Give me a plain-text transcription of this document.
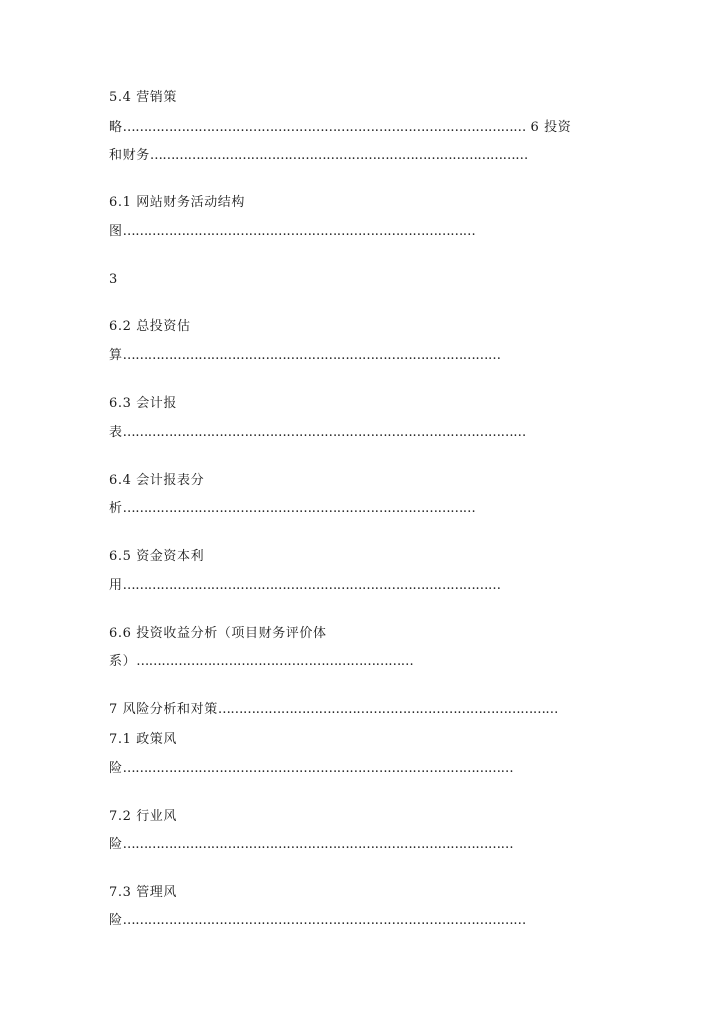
5.4 营销策

略…………………………………………………………………………………… 6 投资

和财务………………………………………………………………………………

6.1 网站财务活动结构

图…………………………………………………………………………

3

6.2 总投资估

算………………………………………………………………………………

6.3 会计报

表……………………………………………………………………………………

6.4 会计报表分

析…………………………………………………………………………

6.5 资金资本利

用………………………………………………………………………………

6.6 投资收益分析（项目财务评价体

系）…………………………………………………………

7 风险分析和对策………………………………………………………………………

7.1 政策风

险…………………………………………………………………………………

7.2 行业风

险…………………………………………………………………………………

7.3 管理风

险……………………………………………………………………………………
